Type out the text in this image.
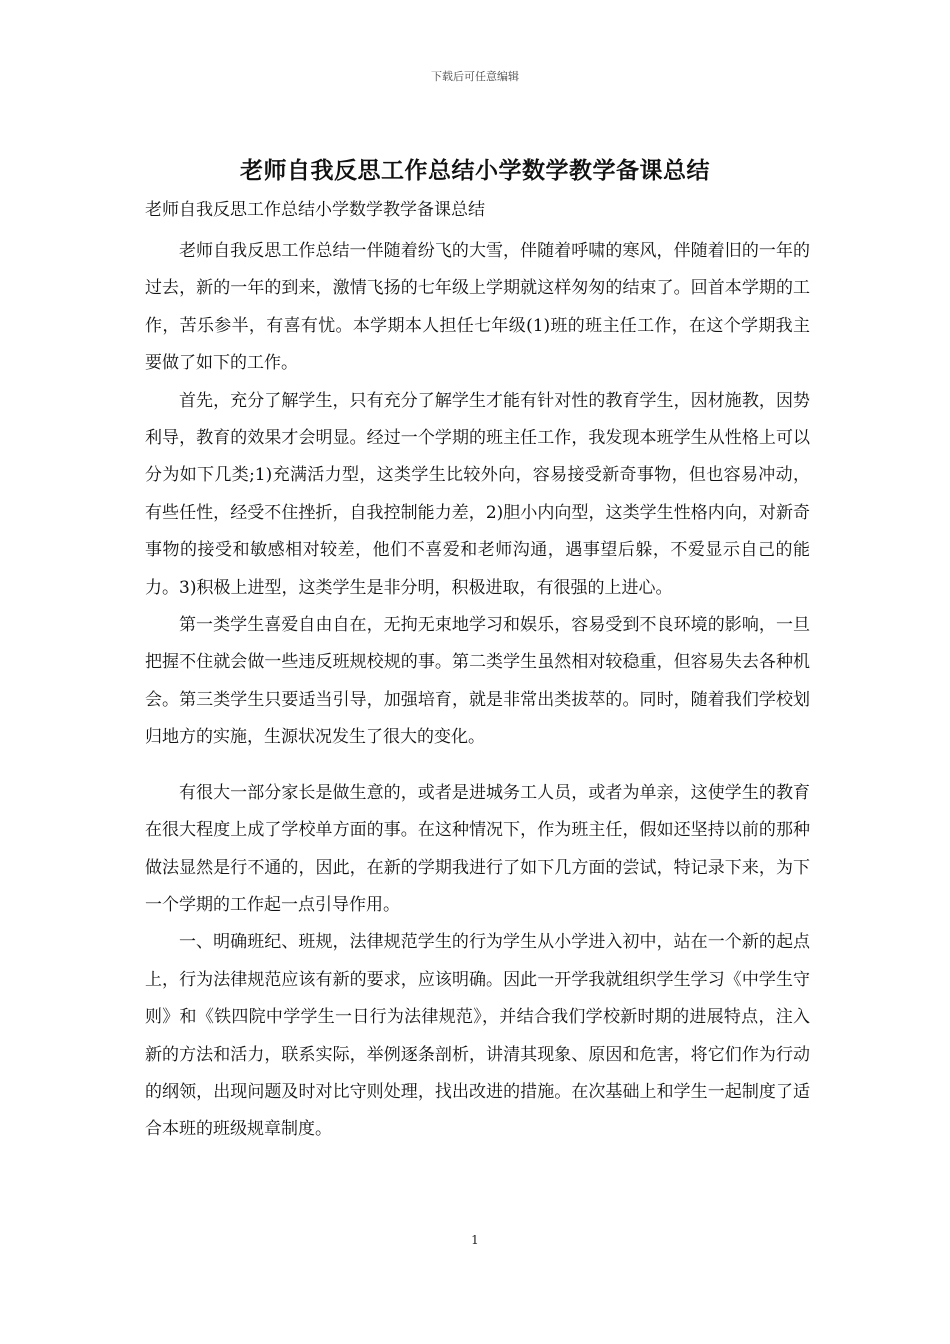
下载后可任意编辑
老师自我反思工作总结小学数学教学备课总结

老师自我反思工作总结小学数学教学备课总结

老师自我反思工作总结一伴随着纷飞的大雪，伴随着呼啸的寒风，伴随着旧的一年的过去，新的一年的到来，激情飞扬的七年级上学期就这样匆匆的结束了。回首本学期的工作，苦乐参半，有喜有忧。本学期本人担任七年级(1)班的班主任工作，在这个学期我主要做了如下的工作。

首先，充分了解学生，只有充分了解学生才能有针对性的教育学生，因材施教，因势利导，教育的效果才会明显。经过一个学期的班主任工作，我发现本班学生从性格上可以分为如下几类;1)充满活力型，这类学生比较外向，容易接受新奇事物，但也容易冲动，有些任性，经受不住挫折，自我控制能力差，2)胆小内向型，这类学生性格内向，对新奇事物的接受和敏感相对较差，他们不喜爱和老师沟通，遇事望后躲，不爱显示自己的能力。3)积极上进型，这类学生是非分明，积极进取，有很强的上进心。

第一类学生喜爱自由自在，无拘无束地学习和娱乐，容易受到不良环境的影响，一旦把握不住就会做一些违反班规校规的事。第二类学生虽然相对较稳重，但容易失去各种机会。第三类学生只要适当引导，加强培育，就是非常出类拔萃的。同时，随着我们学校划归地方的实施，生源状况发生了很大的变化。

有很大一部分家长是做生意的，或者是进城务工人员，或者为单亲，这使学生的教育在很大程度上成了学校单方面的事。在这种情况下，作为班主任，假如还坚持以前的那种做法显然是行不通的，因此，在新的学期我进行了如下几方面的尝试，特记录下来，为下一个学期的工作起一点引导作用。

一、明确班纪、班规，法律规范学生的行为学生从小学进入初中，站在一个新的起点上，行为法律规范应该有新的要求，应该明确。因此一开学我就组织学生学习《中学生守则》和《铁四院中学学生一日行为法律规范》，并结合我们学校新时期的进展特点，注入新的方法和活力，联系实际，举例逐条剖析，讲清其现象、原因和危害，将它们作为行动的纲领，出现问题及时对比守则处理，找出改进的措施。在次基础上和学生一起制度了适合本班的班级规章制度。

1
